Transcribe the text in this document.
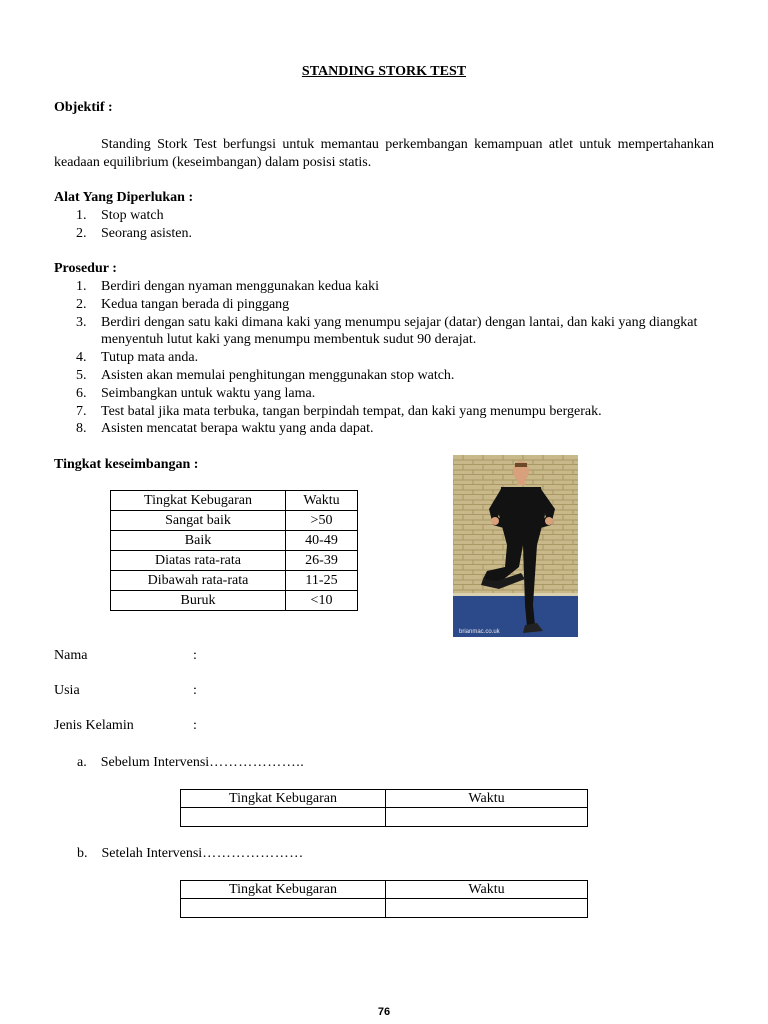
STANDING STORK TEST
Objektif :
Standing Stork Test berfungsi untuk memantau perkembangan kemampuan atlet untuk mempertahankan keadaan equilibrium (keseimbangan) dalam posisi statis.
Alat Yang Diperlukan :
1. Stop watch
2. Seorang asisten.
Prosedur :
1. Berdiri dengan nyaman menggunakan kedua kaki
2. Kedua tangan berada di pinggang
3. Berdiri dengan satu kaki dimana kaki yang menumpu sejajar (datar) dengan lantai, dan kaki yang diangkat menyentuh lutut kaki yang menumpu membentuk sudut 90 derajat.
4. Tutup mata anda.
5. Asisten akan memulai penghitungan menggunakan stop watch.
6. Seimbangkan untuk waktu yang lama.
7. Test batal jika mata terbuka, tangan berpindah tempat, dan kaki yang menumpu bergerak.
8. Asisten mencatat berapa waktu yang anda dapat.
Tingkat keseimbangan :
Tingkat Kebugaran	Waktu
Sangat baik	>50
Baik	40-49
Diatas rata-rata	26-39
Dibawah rata-rata	11-25
Buruk	<10
brianmac.co.uk
Nama	:
Usia	:
Jenis Kelamin	:
a. Sebelum Intervensi………………..
Tingkat Kebugaran	Waktu

b. Setelah Intervensi…………………
Tingkat Kebugaran	Waktu

76
